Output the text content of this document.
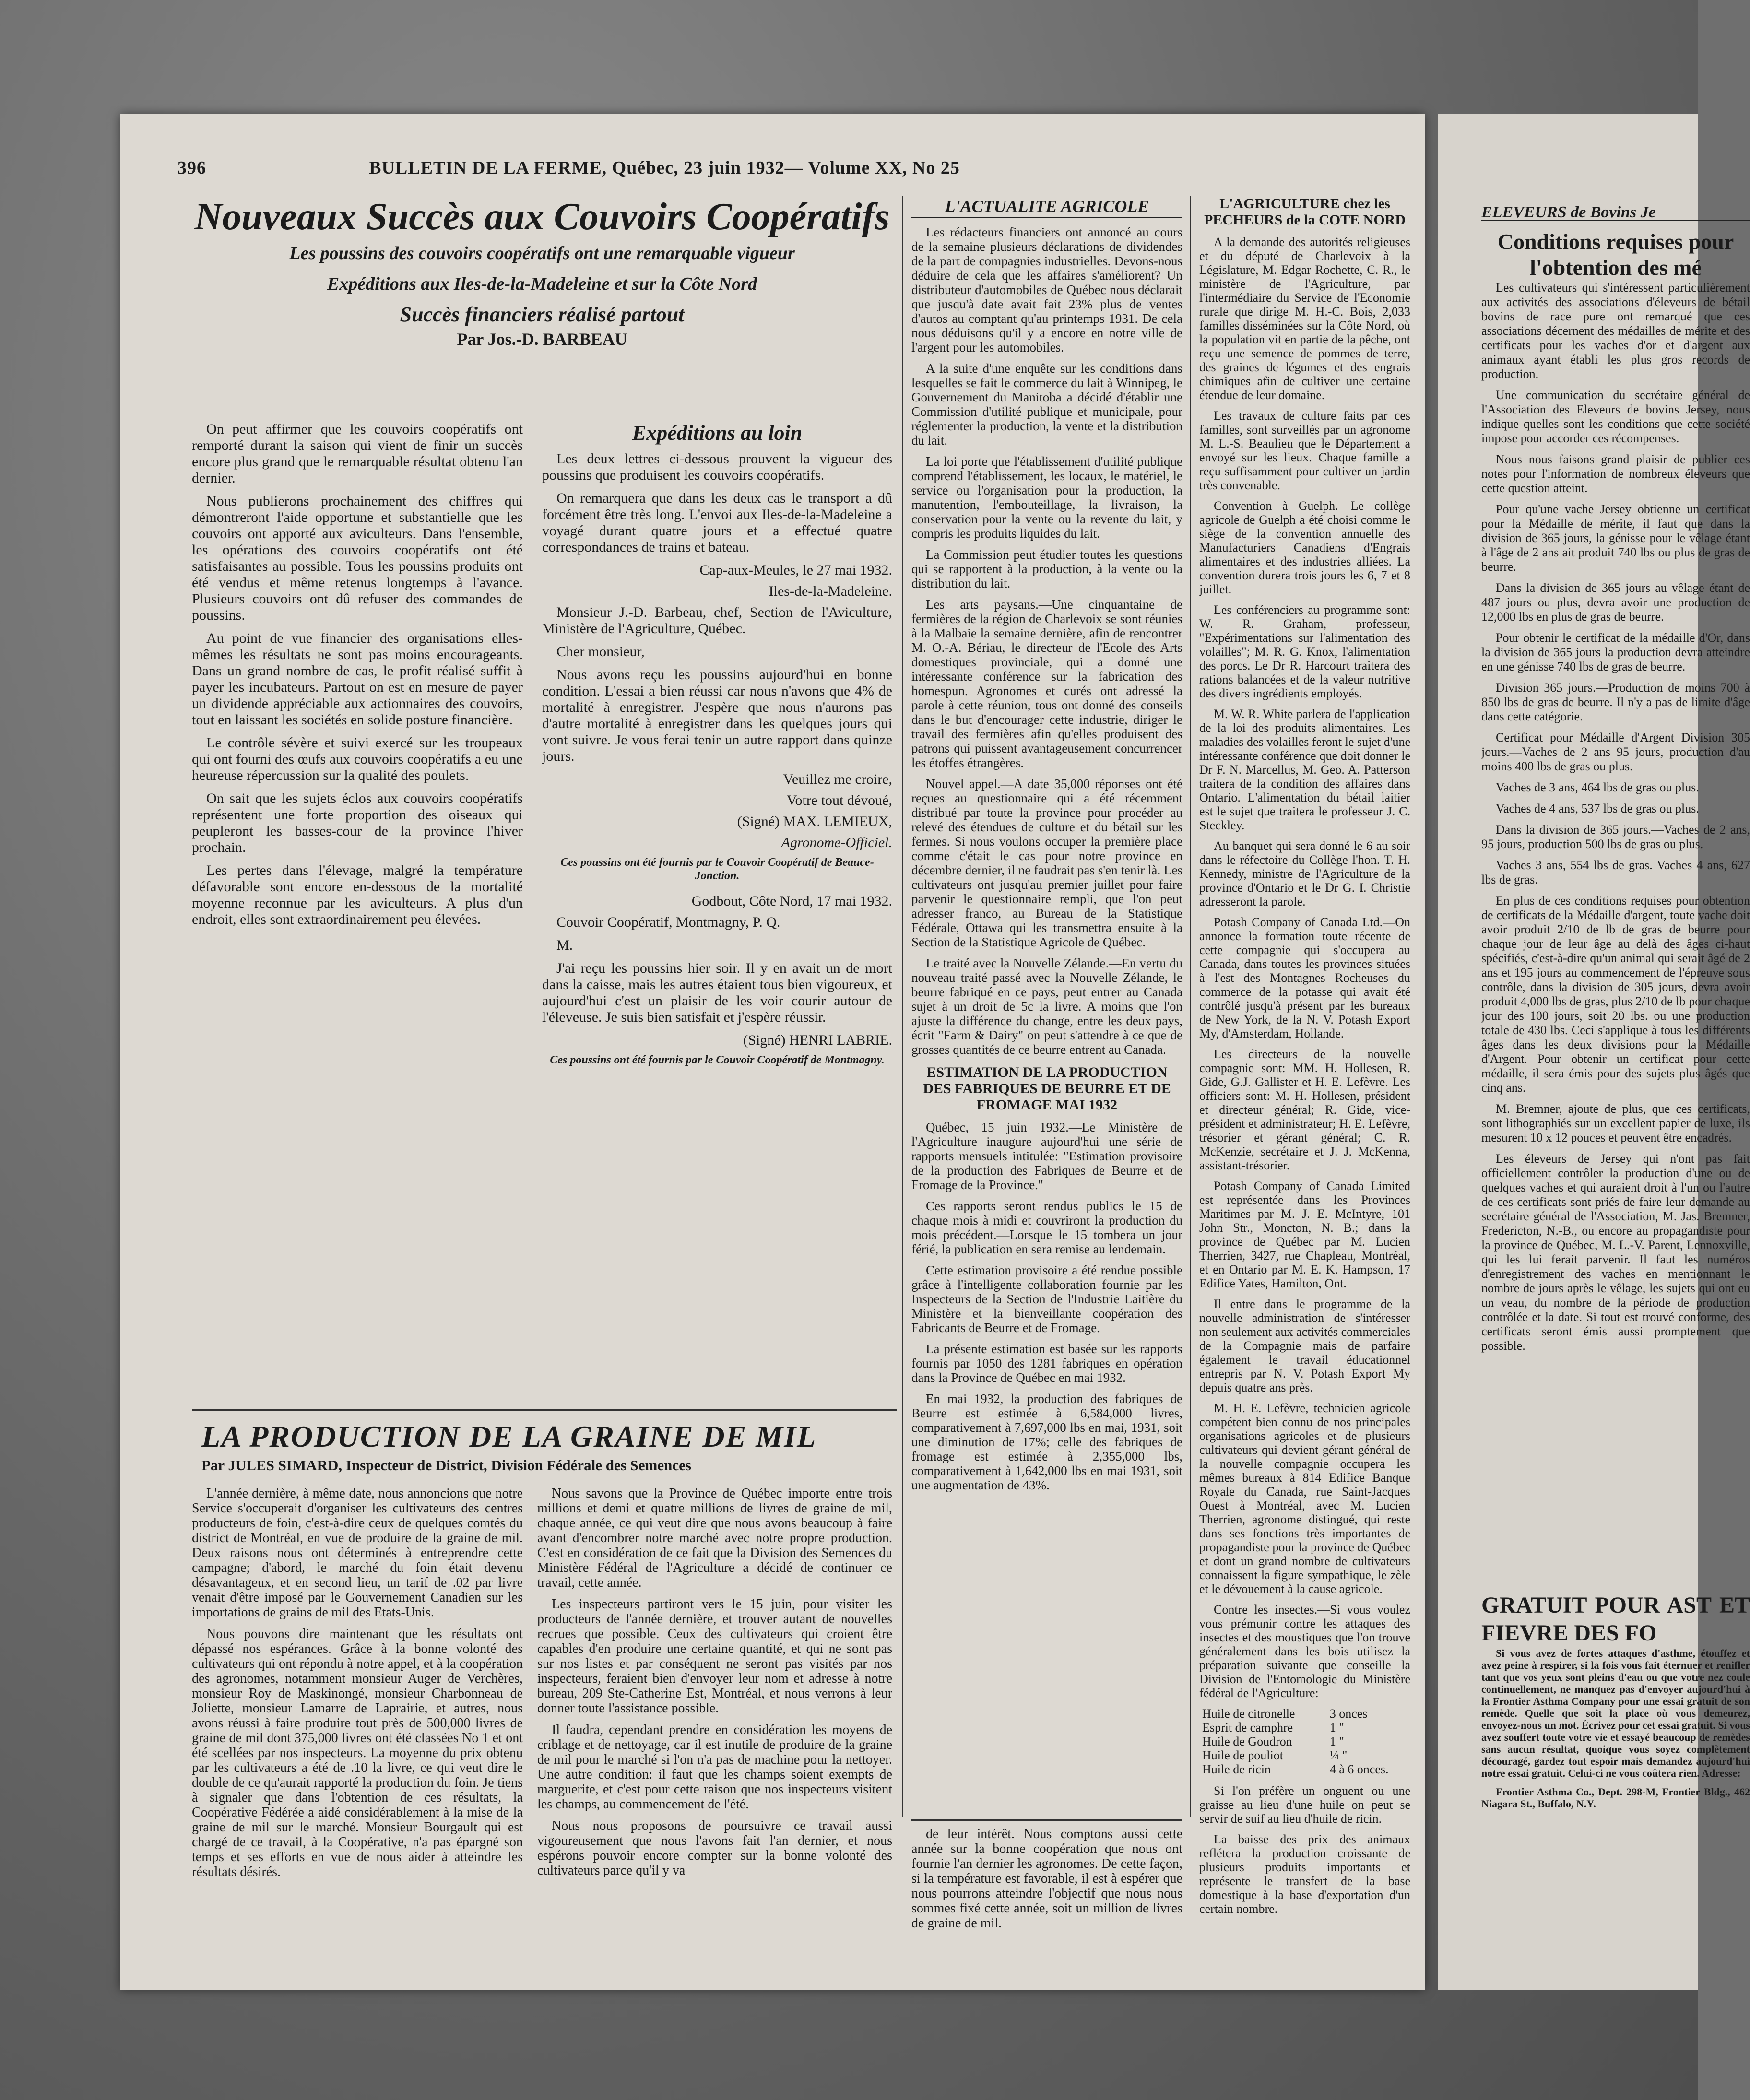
396	BULLETIN DE LA FERME, Québec, 23 juin 1932— Volume XX, No 25
Nouveaux Succès aux Couvoirs Coopératifs
Les poussins des couvoirs coopératifs ont une remarquable vigueur
Expéditions aux Iles-de-la-Madeleine et sur la Côte Nord
Succès financiers réalisé partout
Par Jos.-D. BARBEAU

On peut affirmer que les couvoirs coopératifs ont remporté durant la saison qui vient de finir un succès encore plus grand que le remarquable résultat obtenu l'an dernier.

Nous publierons prochainement des chiffres qui démontreront l'aide opportune et substantielle que les couvoirs ont apporté aux aviculteurs. Dans l'ensemble, les opérations des couvoirs coopératifs ont été satisfaisantes au possible. Tous les poussins produits ont été vendus et même retenus longtemps à l'avance. Plusieurs couvoirs ont dû refuser des commandes de poussins.

Au point de vue financier des organisations elles-mêmes les résultats ne sont pas moins encourageants. Dans un grand nombre de cas, le profit réalisé suffit à payer les incubateurs. Partout on est en mesure de payer un dividende appréciable aux actionnaires des couvoirs, tout en laissant les sociétés en solide posture financière.

Le contrôle sévère et suivi exercé sur les troupeaux qui ont fourni des œufs aux couvoirs coopératifs a eu une heureuse répercussion sur la qualité des poulets.

On sait que les sujets éclos aux couvoirs coopératifs représentent une forte proportion des oiseaux qui peupleront les basses-cour de la province l'hiver prochain.

Les pertes dans l'élevage, malgré la température défavorable sont encore en-dessous de la mortalité moyenne reconnue par les aviculteurs. A plus d'un endroit, elles sont extraordinairement peu élevées.

Expéditions au loin

Les deux lettres ci-dessous prouvent la vigueur des poussins que produisent les couvoirs coopératifs.

On remarquera que dans les deux cas le transport a dû forcément être très long. L'envoi aux Iles-de-la-Madeleine a voyagé durant quatre jours et a effectué quatre correspondances de trains et bateau.

Cap-aux-Meules, le 27 mai 1932.
Iles-de-la-Madeleine.

Monsieur J.-D. Barbeau, chef, Section de l'Aviculture, Ministère de l'Agriculture, Québec.

Cher monsieur,

Nous avons reçu les poussins aujourd'hui en bonne condition. L'essai a bien réussi car nous n'avons que 4% de mortalité à enregistrer. J'espère que nous n'aurons pas d'autre mortalité à enregistrer dans les quelques jours qui vont suivre. Je vous ferai tenir un autre rapport dans quinze jours.

Veuillez me croire,
Votre tout dévoué,
(Signé) MAX. LEMIEUX,
Agronome-Officiel.
Ces poussins ont été fournis par le Couvoir Coopératif de Beauce-Jonction.
Godbout, Côte Nord, 17 mai 1932.

Couvoir Coopératif, Montmagny, P. Q.

M.

J'ai reçu les poussins hier soir. Il y en avait un de mort dans la caisse, mais les autres étaient tous bien vigoureux, et aujourd'hui c'est un plaisir de les voir courir autour de l'éleveuse. Je suis bien satisfait et j'espère réussir.

(Signé) HENRI LABRIE.
Ces poussins ont été fournis par le Couvoir Coopératif de Montmagny.
L'ACTUALITE AGRICOLE

Les rédacteurs financiers ont annoncé au cours de la semaine plusieurs déclarations de dividendes de la part de compagnies industrielles. Devons-nous déduire de cela que les affaires s'améliorent? Un distributeur d'automobiles de Québec nous déclarait que jusqu'à date avait fait 23% plus de ventes d'autos au comptant qu'au printemps 1931. De cela nous déduisons qu'il y a encore en notre ville de l'argent pour les automobiles.

A la suite d'une enquête sur les conditions dans lesquelles se fait le commerce du lait à Winnipeg, le Gouvernement du Manitoba a décidé d'établir une Commission d'utilité publique et municipale, pour réglementer la production, la vente et la distribution du lait.

La loi porte que l'établissement d'utilité publique comprend l'établissement, les locaux, le matériel, le service ou l'organisation pour la production, la manutention, l'embouteillage, la livraison, la conservation pour la vente ou la revente du lait, y compris les produits liquides du lait.

La Commission peut étudier toutes les questions qui se rapportent à la production, à la vente ou la distribution du lait.

Les arts paysans.—Une cinquantaine de fermières de la région de Charlevoix se sont réunies à la Malbaie la semaine dernière, afin de rencontrer M. O.-A. Bériau, le directeur de l'Ecole des Arts domestiques provinciale, qui a donné une intéressante conférence sur la fabrication des homespun. Agronomes et curés ont adressé la parole à cette réunion, tous ont donné des conseils dans le but d'encourager cette industrie, diriger le travail des fermières afin qu'elles produisent des patrons qui puissent avantageusement concurrencer les étoffes étrangères.

Nouvel appel.—A date 35,000 réponses ont été reçues au questionnaire qui a été récemment distribué par toute la province pour procéder au relevé des étendues de culture et du bétail sur les fermes. Si nous voulons occuper la première place comme c'était le cas pour notre province en décembre dernier, il ne faudrait pas s'en tenir là. Les cultivateurs ont jusqu'au premier juillet pour faire parvenir le questionnaire rempli, que l'on peut adresser franco, au Bureau de la Statistique Fédérale, Ottawa qui les transmettra ensuite à la Section de la Statistique Agricole de Québec.

Le traité avec la Nouvelle Zélande.—En vertu du nouveau traité passé avec la Nouvelle Zélande, le beurre fabriqué en ce pays, peut entrer au Canada sujet à un droit de 5c la livre. A moins que l'on ajuste la différence du change, entre les deux pays, écrit "Farm & Dairy" on peut s'attendre à ce que de grosses quantités de ce beurre entrent au Canada.

ESTIMATION DE LA PRODUCTION DES FABRIQUES DE BEURRE ET DE FROMAGE MAI 1932

Québec, 15 juin 1932.—Le Ministère de l'Agriculture inaugure aujourd'hui une série de rapports mensuels intitulée: "Estimation provisoire de la production des Fabriques de Beurre et de Fromage de la Province."

Ces rapports seront rendus publics le 15 de chaque mois à midi et couvriront la production du mois précédent.—Lorsque le 15 tombera un jour férié, la publication en sera remise au lendemain.

Cette estimation provisoire a été rendue possible grâce à l'intelligente collaboration fournie par les Inspecteurs de la Section de l'Industrie Laitière du Ministère et la bienveillante coopération des Fabricants de Beurre et de Fromage.

La présente estimation est basée sur les rapports fournis par 1050 des 1281 fabriques en opération dans la Province de Québec en mai 1932.

En mai 1932, la production des fabriques de Beurre est estimée à 6,584,000 livres, comparativement à 7,697,000 lbs en mai, 1931, soit une diminution de 17%; celle des fabriques de fromage est estimée à 2,355,000 lbs, comparativement à 1,642,000 lbs en mai 1931, soit une augmentation de 43%.

L'AGRICULTURE chez les PECHEURS de la COTE NORD

A la demande des autorités religieuses et du député de Charlevoix à la Législature, M. Edgar Rochette, C. R., le ministère de l'Agriculture, par l'intermédiaire du Service de l'Economie rurale que dirige M. H.-C. Bois, 2,033 familles disséminées sur la Côte Nord, où la population vit en partie de la pêche, ont reçu une semence de pommes de terre, des graines de légumes et des engrais chimiques afin de cultiver une certaine étendue de leur domaine.

Les travaux de culture faits par ces familles, sont surveillés par un agronome M. L.-S. Beaulieu que le Département a envoyé sur les lieux. Chaque famille a reçu suffisamment pour cultiver un jardin très convenable.

Convention à Guelph.—Le collège agricole de Guelph a été choisi comme le siège de la convention annuelle des Manufacturiers Canadiens d'Engrais alimentaires et des industries alliées. La convention durera trois jours les 6, 7 et 8 juillet.

Les conférenciers au programme sont: W. R. Graham, professeur, "Expérimentations sur l'alimentation des volailles"; M. R. G. Knox, l'alimentation des porcs. Le Dr R. Harcourt traitera des rations balancées et de la valeur nutritive des divers ingrédients employés.

M. W. R. White parlera de l'application de la loi des produits alimentaires. Les maladies des volailles feront le sujet d'une intéressante conférence que doit donner le Dr F. N. Marcellus, M. Geo. A. Patterson traitera de la condition des affaires dans Ontario. L'alimentation du bétail laitier est le sujet que traitera le professeur J. C. Steckley.

Au banquet qui sera donné le 6 au soir dans le réfectoire du Collège l'hon. T. H. Kennedy, ministre de l'Agriculture de la province d'Ontario et le Dr G. I. Christie adresseront la parole.

Potash Company of Canada Ltd.—On annonce la formation toute récente de cette compagnie qui s'occupera au Canada, dans toutes les provinces situées à l'est des Montagnes Rocheuses du commerce de la potasse qui avait été contrôlé jusqu'à présent par les bureaux de New York, de la N. V. Potash Export My, d'Amsterdam, Hollande.

Les directeurs de la nouvelle compagnie sont: MM. H. Hollesen, R. Gide, G.J. Gallister et H. E. Lefèvre. Les officiers sont: M. H. Hollesen, président et directeur général; R. Gide, vice-président et administrateur; H. E. Lefèvre, trésorier et gérant général; C. R. McKenzie, secrétaire et J. J. McKenna, assistant-trésorier.

Potash Company of Canada Limited est représentée dans les Provinces Maritimes par M. J. E. McIntyre, 101 John Str., Moncton, N. B.; dans la province de Québec par M. Lucien Therrien, 3427, rue Chapleau, Montréal, et en Ontario par M. E. K. Hampson, 17 Edifice Yates, Hamilton, Ont.

Il entre dans le programme de la nouvelle administration de s'intéresser non seulement aux activités commerciales de la Compagnie mais de parfaire également le travail éducationnel entrepris par N. V. Potash Export My depuis quatre ans près.

M. H. E. Lefèvre, technicien agricole compétent bien connu de nos principales organisations agricoles et de plusieurs cultivateurs qui devient gérant général de la nouvelle compagnie occupera les mêmes bureaux à 814 Edifice Banque Royale du Canada, rue Saint-Jacques Ouest à Montréal, avec M. Lucien Therrien, agronome distingué, qui reste dans ses fonctions très importantes de propagandiste pour la province de Québec et dont un grand nombre de cultivateurs connaissent la figure sympathique, le zèle et le dévouement à la cause agricole.

Contre les insectes.—Si vous voulez vous prémunir contre les attaques des insectes et des moustiques que l'on trouve généralement dans les bois utilisez la préparation suivante que conseille la Division de l'Entomologie du Ministère fédéral de l'Agriculture:

Huile de citronelle	3 onces
Esprit de camphre	1 "
Huile de Goudron	1 "
Huile de pouliot	¼ "
Huile de ricin	4 à 6 onces.

Si l'on préfère un onguent ou une graisse au lieu d'une huile on peut se servir de suif au lieu d'huile de ricin.

La baisse des prix des animaux reflétera la production croissante de plusieurs produits importants et représente le transfert de la base domestique à la base d'exportation d'un certain nombre.

LA PRODUCTION DE LA GRAINE DE MIL
Par JULES SIMARD, Inspecteur de District, Division Fédérale des Semences

L'année dernière, à même date, nous annoncions que notre Service s'occuperait d'organiser les cultivateurs des centres producteurs de foin, c'est-à-dire ceux de quelques comtés du district de Montréal, en vue de produire de la graine de mil. Deux raisons nous ont déterminés à entreprendre cette campagne; d'abord, le marché du foin était devenu désavantageux, et en second lieu, un tarif de .02 par livre venait d'être imposé par le Gouvernement Canadien sur les importations de grains de mil des Etats-Unis.

Nous pouvons dire maintenant que les résultats ont dépassé nos espérances. Grâce à la bonne volonté des cultivateurs qui ont répondu à notre appel, et à la coopération des agronomes, notamment monsieur Auger de Verchères, monsieur Roy de Maskinongé, monsieur Charbonneau de Joliette, monsieur Lamarre de Laprairie, et autres, nous avons réussi à faire produire tout près de 500,000 livres de graine de mil dont 375,000 livres ont été classées No 1 et ont été scellées par nos inspecteurs. La moyenne du prix obtenu par les cultivateurs a été de .10 la livre, ce qui veut dire le double de ce qu'aurait rapporté la production du foin. Je tiens à signaler que dans l'obtention de ces résultats, la Coopérative Fédérée a aidé considérablement à la mise de la graine de mil sur le marché. Monsieur Bourgault qui est chargé de ce travail, à la Coopérative, n'a pas épargné son temps et ses efforts en vue de nous aider à atteindre les résultats désirés.

Nous savons que la Province de Québec importe entre trois millions et demi et quatre millions de livres de graine de mil, chaque année, ce qui veut dire que nous avons beaucoup à faire avant d'encombrer notre marché avec notre propre production. C'est en considération de ce fait que la Division des Semences du Ministère Fédéral de l'Agriculture a décidé de continuer ce travail, cette année.

Les inspecteurs partiront vers le 15 juin, pour visiter les producteurs de l'année dernière, et trouver autant de nouvelles recrues que possible. Ceux des cultivateurs qui croient être capables d'en produire une certaine quantité, et qui ne sont pas sur nos listes et par conséquent ne seront pas visités par nos inspecteurs, feraient bien d'envoyer leur nom et adresse à notre bureau, 209 Ste-Catherine Est, Montréal, et nous verrons à leur donner toute l'assistance possible.

Il faudra, cependant prendre en considération les moyens de criblage et de nettoyage, car il est inutile de produire de la graine de mil pour le marché si l'on n'a pas de machine pour la nettoyer. Une autre condition: il faut que les champs soient exempts de marguerite, et c'est pour cette raison que nos inspecteurs visitent les champs, au commencement de l'été.

Nous nous proposons de poursuivre ce travail aussi vigoureusement que nous l'avons fait l'an dernier, et nous espérons pouvoir encore compter sur la bonne volonté des cultivateurs parce qu'il y va

de leur intérêt. Nous comptons aussi cette année sur la bonne coopération que nous ont fournie l'an dernier les agronomes. De cette façon, si la température est favorable, il est à espérer que nous pourrons atteindre l'objectif que nous nous sommes fixé cette année, soit un million de livres de graine de mil.

ELEVEURS de Bovins Je
Conditions requises pour l'obtention des mé

Les cultivateurs qui s'intéressent particulièrement aux activités des associations d'éleveurs de bétail bovins de race pure ont remarqué que ces associations décernent des médailles de mérite et des certificats pour les vaches d'or et d'argent aux animaux ayant établi les plus gros records de production.

Une communication du secrétaire général de l'Association des Eleveurs de bovins Jersey, nous indique quelles sont les conditions que cette société impose pour accorder ces récompenses.

Nous nous faisons grand plaisir de publier ces notes pour l'information de nombreux éleveurs que cette question atteint.

Pour qu'une vache Jersey obtienne un certificat pour la Médaille de mérite, il faut que dans la division de 365 jours, la génisse pour le vêlage étant à l'âge de 2 ans ait produit 740 lbs ou plus de gras de beurre.

Dans la division de 365 jours au vêlage étant de 487 jours ou plus, devra avoir une production de 12,000 lbs en plus de gras de beurre.

Pour obtenir le certificat de la médaille d'Or, dans la division de 365 jours la production devra atteindre en une génisse 740 lbs de gras de beurre.

Division 365 jours.—Production de moins 700 à 850 lbs de gras de beurre. Il n'y a pas de limite d'âge dans cette catégorie.

Certificat pour Médaille d'Argent Division 305 jours.—Vaches de 2 ans 95 jours, production d'au moins 400 lbs de gras ou plus.

Vaches de 3 ans, 464 lbs de gras ou plus.

Vaches de 4 ans, 537 lbs de gras ou plus.

Dans la division de 365 jours.—Vaches de 2 ans, 95 jours, production 500 lbs de gras ou plus.

Vaches 3 ans, 554 lbs de gras. Vaches 4 ans, 627 lbs de gras.

En plus de ces conditions requises pour obtention de certificats de la Médaille d'argent, toute vache doit avoir produit 2/10 de lb de gras de beurre pour chaque jour de leur âge au delà des âges ci-haut spécifiés, c'est-à-dire qu'un animal qui serait âgé de 2 ans et 195 jours au commencement de l'épreuve sous contrôle, dans la division de 305 jours, devra avoir produit 4,000 lbs de gras, plus 2/10 de lb pour chaque jour des 100 jours, soit 20 lbs. ou une production totale de 430 lbs. Ceci s'applique à tous les différents âges dans les deux divisions pour la Médaille d'Argent. Pour obtenir un certificat pour cette médaille, il sera émis pour des sujets plus âgés que cinq ans.

M. Bremner, ajoute de plus, que ces certificats, sont lithographiés sur un excellent papier de luxe, ils mesurent 10 x 12 pouces et peuvent être encadrés.

Les éleveurs de Jersey qui n'ont pas fait officiellement contrôler la production d'une ou de quelques vaches et qui auraient droit à l'un ou l'autre de ces certificats sont priés de faire leur demande au secrétaire général de l'Association, M. Jas. Bremner, Fredericton, N.-B., ou encore au propagandiste pour la province de Québec, M. L.-V. Parent, Lennoxville, qui les lui ferait parvenir. Il faut les numéros d'enregistrement des vaches en mentionnant le nombre de jours après le vêlage, les sujets qui ont eu un veau, du nombre de la période de production contrôlée et la date. Si tout est trouvé conforme, des certificats seront émis aussi promptement que possible.

GRATUIT POUR AST ET FIEVRE DES FO

Si vous avez de fortes attaques d'asthme, étouffez et avez peine à respirer, si la fois vous fait éternuer et renifler tant que vos yeux sont pleins d'eau ou que votre nez coule continuellement, ne manquez pas d'envoyer aujourd'hui à la Frontier Asthma Company pour une essai gratuit de son remède. Quelle que soit la place où vous demeurez, envoyez-nous un mot. Écrivez pour cet essai gratuit. Si vous avez souffert toute votre vie et essayé beaucoup de remèdes sans aucun résultat, quoique vous soyez complètement découragé, gardez tout espoir mais demandez aujourd'hui notre essai gratuit. Celui-ci ne vous coûtera rien. Adresse:

Frontier Asthma Co., Dept. 298-M, Frontier Bldg., 462 Niagara St., Buffalo, N.Y.
